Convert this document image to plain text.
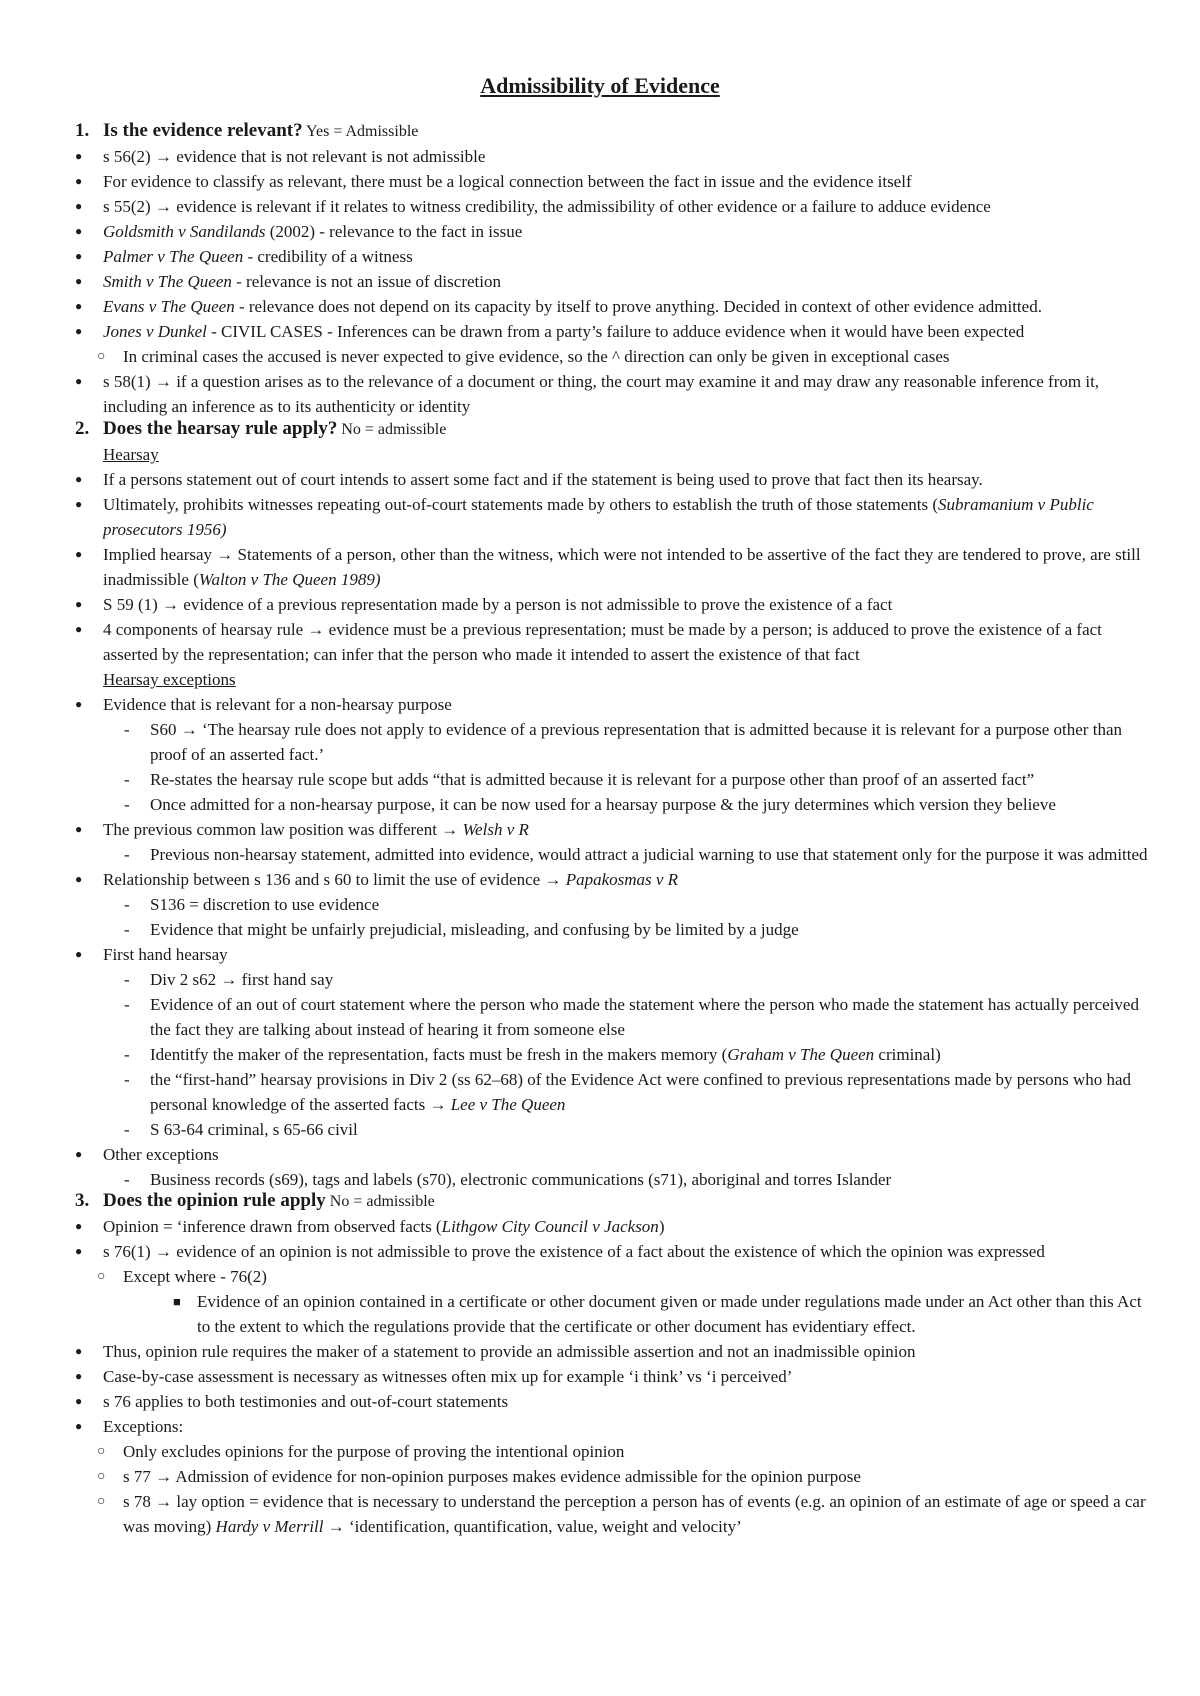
Admissibility of Evidence
1. Is the evidence relevant? Yes = Admissible
● s 56(2) → evidence that is not relevant is not admissible
● For evidence to classify as relevant, there must be a logical connection between the fact in issue and the evidence itself
● s 55(2) → evidence is relevant if it relates to witness credibility, the admissibility of other evidence or a failure to adduce evidence
● Goldsmith v Sandilands (2002) - relevance to the fact in issue
● Palmer v The Queen - credibility of a witness
● Smith v The Queen - relevance is not an issue of discretion
● Evans v The Queen - relevance does not depend on its capacity by itself to prove anything. Decided in context of other evidence admitted.
● Jones v Dunkel - CIVIL CASES - Inferences can be drawn from a party’s failure to adduce evidence when it would have been expected
○ In criminal cases the accused is never expected to give evidence, so the ^ direction can only be given in exceptional cases
● s 58(1) → if a question arises as to the relevance of a document or thing, the court may examine it and may draw any reasonable inference from it, including an inference as to its authenticity or identity
2. Does the hearsay rule apply? No = admissible
Hearsay
● If a persons statement out of court intends to assert some fact and if the statement is being used to prove that fact then its hearsay.
● Ultimately, prohibits witnesses repeating out-of-court statements made by others to establish the truth of those statements (Subramanium v Public prosecutors 1956)
● Implied hearsay → Statements of a person, other than the witness, which were not intended to be assertive of the fact they are tendered to prove, are still inadmissible (Walton v The Queen 1989)
● S 59 (1) → evidence of a previous representation made by a person is not admissible to prove the existence of a fact
● 4 components of hearsay rule → evidence must be a previous representation; must be made by a person; is adduced to prove the existence of a fact asserted by the representation; can infer that the person who made it intended to assert the existence of that fact
Hearsay exceptions
● Evidence that is relevant for a non-hearsay purpose
- S60 → ‘The hearsay rule does not apply to evidence of a previous representation that is admitted because it is relevant for a purpose other than proof of an asserted fact.’
- Re-states the hearsay rule scope but adds “that is admitted because it is relevant for a purpose other than proof of an asserted fact”
- Once admitted for a non-hearsay purpose, it can be now used for a hearsay purpose & the jury determines which version they believe
● The previous common law position was different → Welsh v R
- Previous non-hearsay statement, admitted into evidence, would attract a judicial warning to use that statement only for the purpose it was admitted
● Relationship between s 136 and s 60 to limit the use of evidence → Papakosmas v R
- S136 = discretion to use evidence
- Evidence that might be unfairly prejudicial, misleading, and confusing by be limited by a judge
● First hand hearsay
- Div 2 s62 → first hand say
- Evidence of an out of court statement where the person who made the statement where the person who made the statement has actually perceived the fact they are talking about instead of hearing it from someone else
- Identitfy the maker of the representation, facts must be fresh in the makers memory (Graham v The Queen criminal)
- the “first-hand” hearsay provisions in Div 2 (ss 62–68) of the Evidence Act were confined to previous representations made by persons who had personal knowledge of the asserted facts → Lee v The Queen
- S 63-64 criminal, s 65-66 civil
● Other exceptions
- Business records (s69), tags and labels (s70), electronic communications (s71), aboriginal and torres Islander
3. Does the opinion rule apply No = admissible
● Opinion = ‘inference drawn from observed facts (Lithgow City Council v Jackson)
● s 76(1) → evidence of an opinion is not admissible to prove the existence of a fact about the existence of which the opinion was expressed
○ Except where - 76(2)
■ Evidence of an opinion contained in a certificate or other document given or made under regulations made under an Act other than this Act to the extent to which the regulations provide that the certificate or other document has evidentiary effect.
● Thus, opinion rule requires the maker of a statement to provide an admissible assertion and not an inadmissible opinion
● Case-by-case assessment is necessary as witnesses often mix up for example ‘i think’ vs ‘i perceived’
● s 76 applies to both testimonies and out-of-court statements
● Exceptions:
○ Only excludes opinions for the purpose of proving the intentional opinion
○ s 77 → Admission of evidence for non-opinion purposes makes evidence admissible for the opinion purpose
○ s 78 → lay option = evidence that is necessary to understand the perception a person has of events (e.g. an opinion of an estimate of age or speed a car was moving) Hardy v Merrill → ‘identification, quantification, value, weight and velocity’
